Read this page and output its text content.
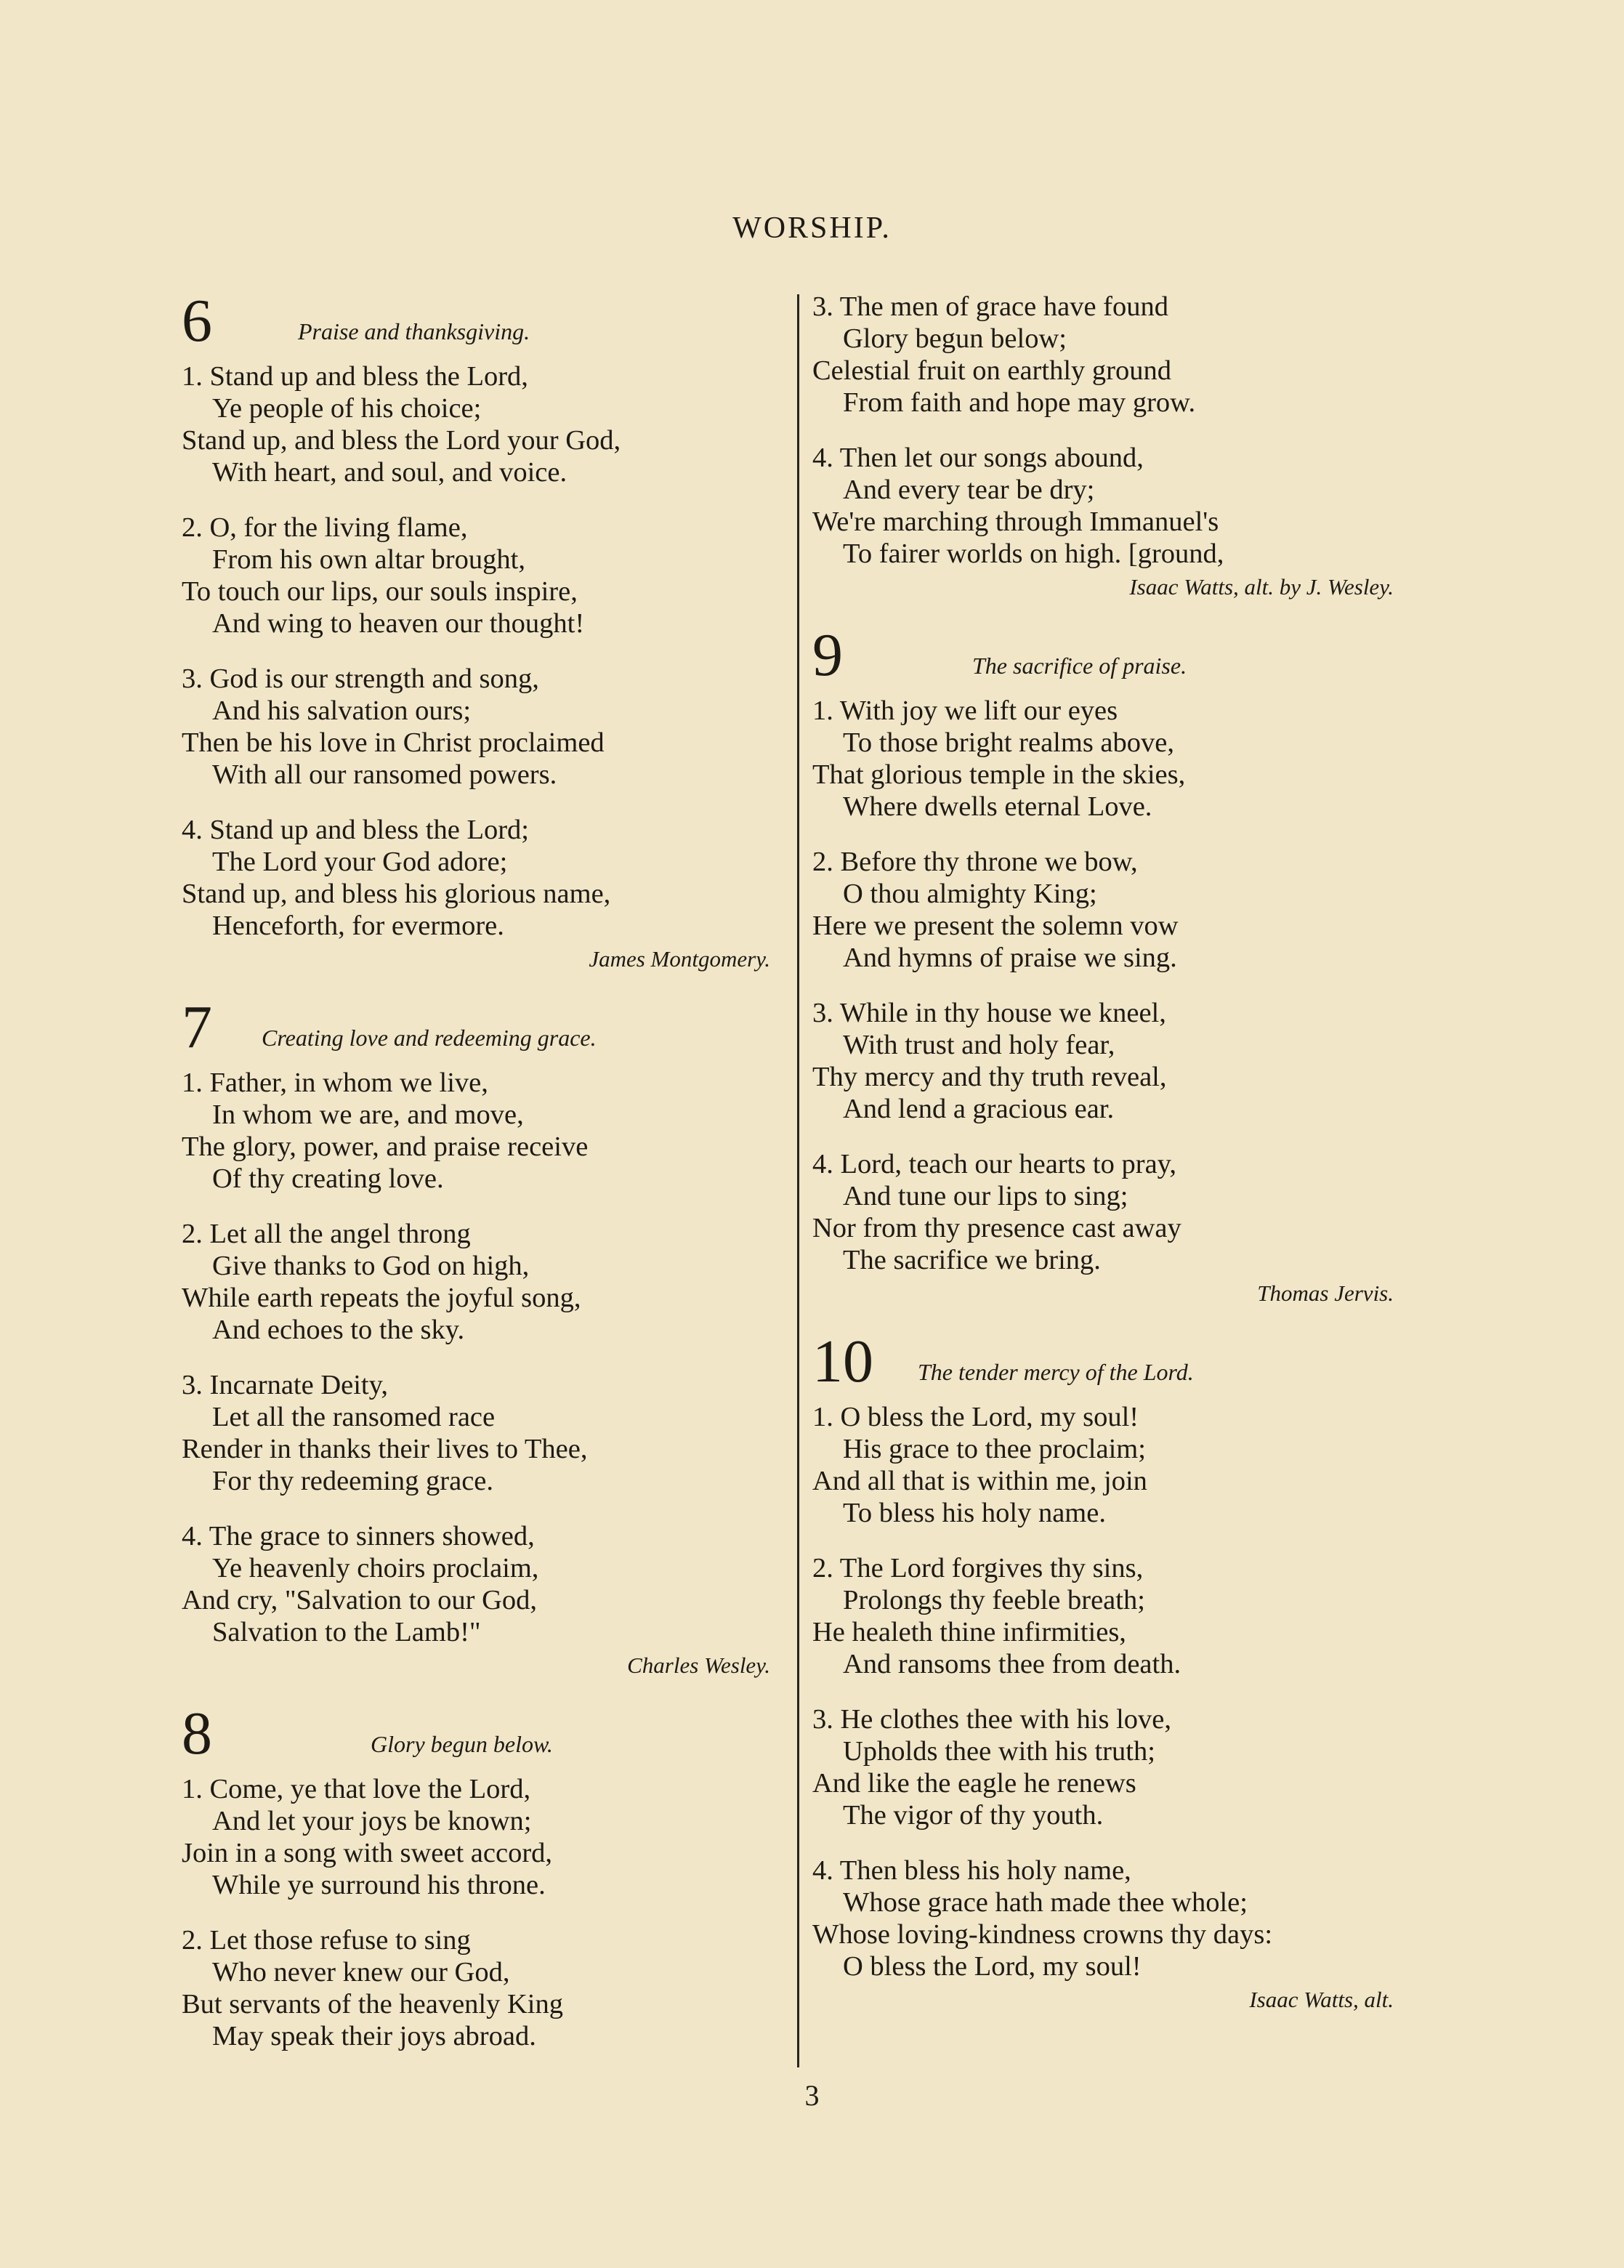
WORSHIP.
6	Praise and thanksgiving.
1. Stand up and bless the Lord,
Ye people of his choice;
Stand up, and bless the Lord your God,
With heart, and soul, and voice.
2. O, for the living flame,
From his own altar brought,
To touch our lips, our souls inspire,
And wing to heaven our thought!
3. God is our strength and song,
And his salvation ours;
Then be his love in Christ proclaimed
With all our ransomed powers.
4. Stand up and bless the Lord;
The Lord your God adore;
Stand up, and bless his glorious name,
Henceforth, for evermore.
James Montgomery.
7 Creating love and redeeming grace.
1. Father, in whom we live,
In whom we are, and move,
The glory, power, and praise receive
Of thy creating love.
2. Let all the angel throng
Give thanks to God on high,
While earth repeats the joyful song,
And echoes to the sky.
3. Incarnate Deity,
Let all the ransomed race
Render in thanks their lives to Thee,
For thy redeeming grace.
4. The grace to sinners showed,
Ye heavenly choirs proclaim,
And cry, "Salvation to our God,
Salvation to the Lamb!"
Charles Wesley.
8	Glory begun below.
1. Come, ye that love the Lord,
And let your joys be known;
Join in a song with sweet accord,
While ye surround his throne.
2. Let those refuse to sing
Who never knew our God,
But servants of the heavenly King
May speak their joys abroad.
3. The men of grace have found
Glory begun below;
Celestial fruit on earthly ground
From faith and hope may grow.
4. Then let our songs abound,
And every tear be dry;
We're marching through Immanuel's
To fairer worlds on high. [ground,
Isaac Watts, alt. by J. Wesley.
9	The sacrifice of praise.
1. With joy we lift our eyes
To those bright realms above,
That glorious temple in the skies,
Where dwells eternal Love.
2. Before thy throne we bow,
O thou almighty King;
Here we present the solemn vow
And hymns of praise we sing.
3. While in thy house we kneel,
With trust and holy fear,
Thy mercy and thy truth reveal,
And lend a gracious ear.
4. Lord, teach our hearts to pray,
And tune our lips to sing;
Nor from thy presence cast away
The sacrifice we bring.
Thomas Jervis.
10 The tender mercy of the Lord.
1. O bless the Lord, my soul!
His grace to thee proclaim;
And all that is within me, join
To bless his holy name.
2. The Lord forgives thy sins,
Prolongs thy feeble breath;
He healeth thine infirmities,
And ransoms thee from death.
3. He clothes thee with his love,
Upholds thee with his truth;
And like the eagle he renews
The vigor of thy youth.
4. Then bless his holy name,
Whose grace hath made thee whole;
Whose loving-kindness crowns thy days:
O bless the Lord, my soul!
Isaac Watts, alt.
3
